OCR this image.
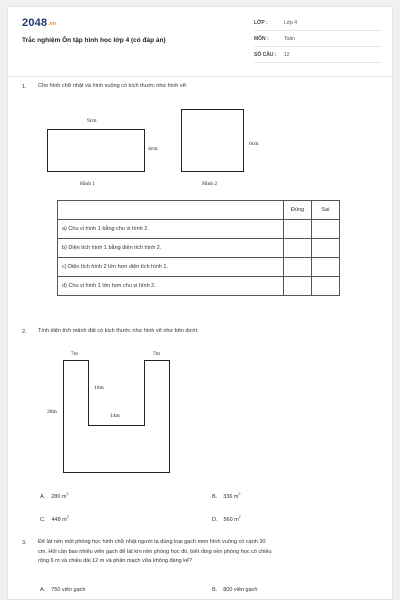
2048.vn
Trắc nghiệm Ôn tập hình học lớp 4 (có đáp án)
LỚP :	Lớp 4
MÔN :	Toán
SỐ CÂU : 12
1. Cho hình chữ nhật và hình vuông có kích thước như hình vẽ:
9cm
4cm
6cm
Hình 1	Hình 2
	Đúng	Sai
a) Chu vi hình 1 bằng chu vi hình 2.		
b) Diện tích hình 1 bằng diện tích hình 2.		
c) Diện tích hình 2 lớn hơn diện tích hình 1.		
d) Chu vi hình 1 lớn hơn chu vi hình 2.		
2. Tính diện tích mảnh đất có kích thước như hình vẽ như bên dưới:
7m	7m
16m
14m
28m
A. 280 $m^2$	B. 336 $m^2$
C. 448 $m^2$	D. 560 $m^2$
3. Để lát nền một phòng học hình chữ nhật người ta dùng loại gạch men hình vuông có cạnh 30
cm. Hỏi cần bao nhiêu viên gạch để lát kín nền phòng học đó, biết rằng nền phòng học có chiều
rộng 6 m và chiều dài 12 m và phần mạch vữa không đáng kể?
A. 750 viên gạch	B. 800 viên gạch
